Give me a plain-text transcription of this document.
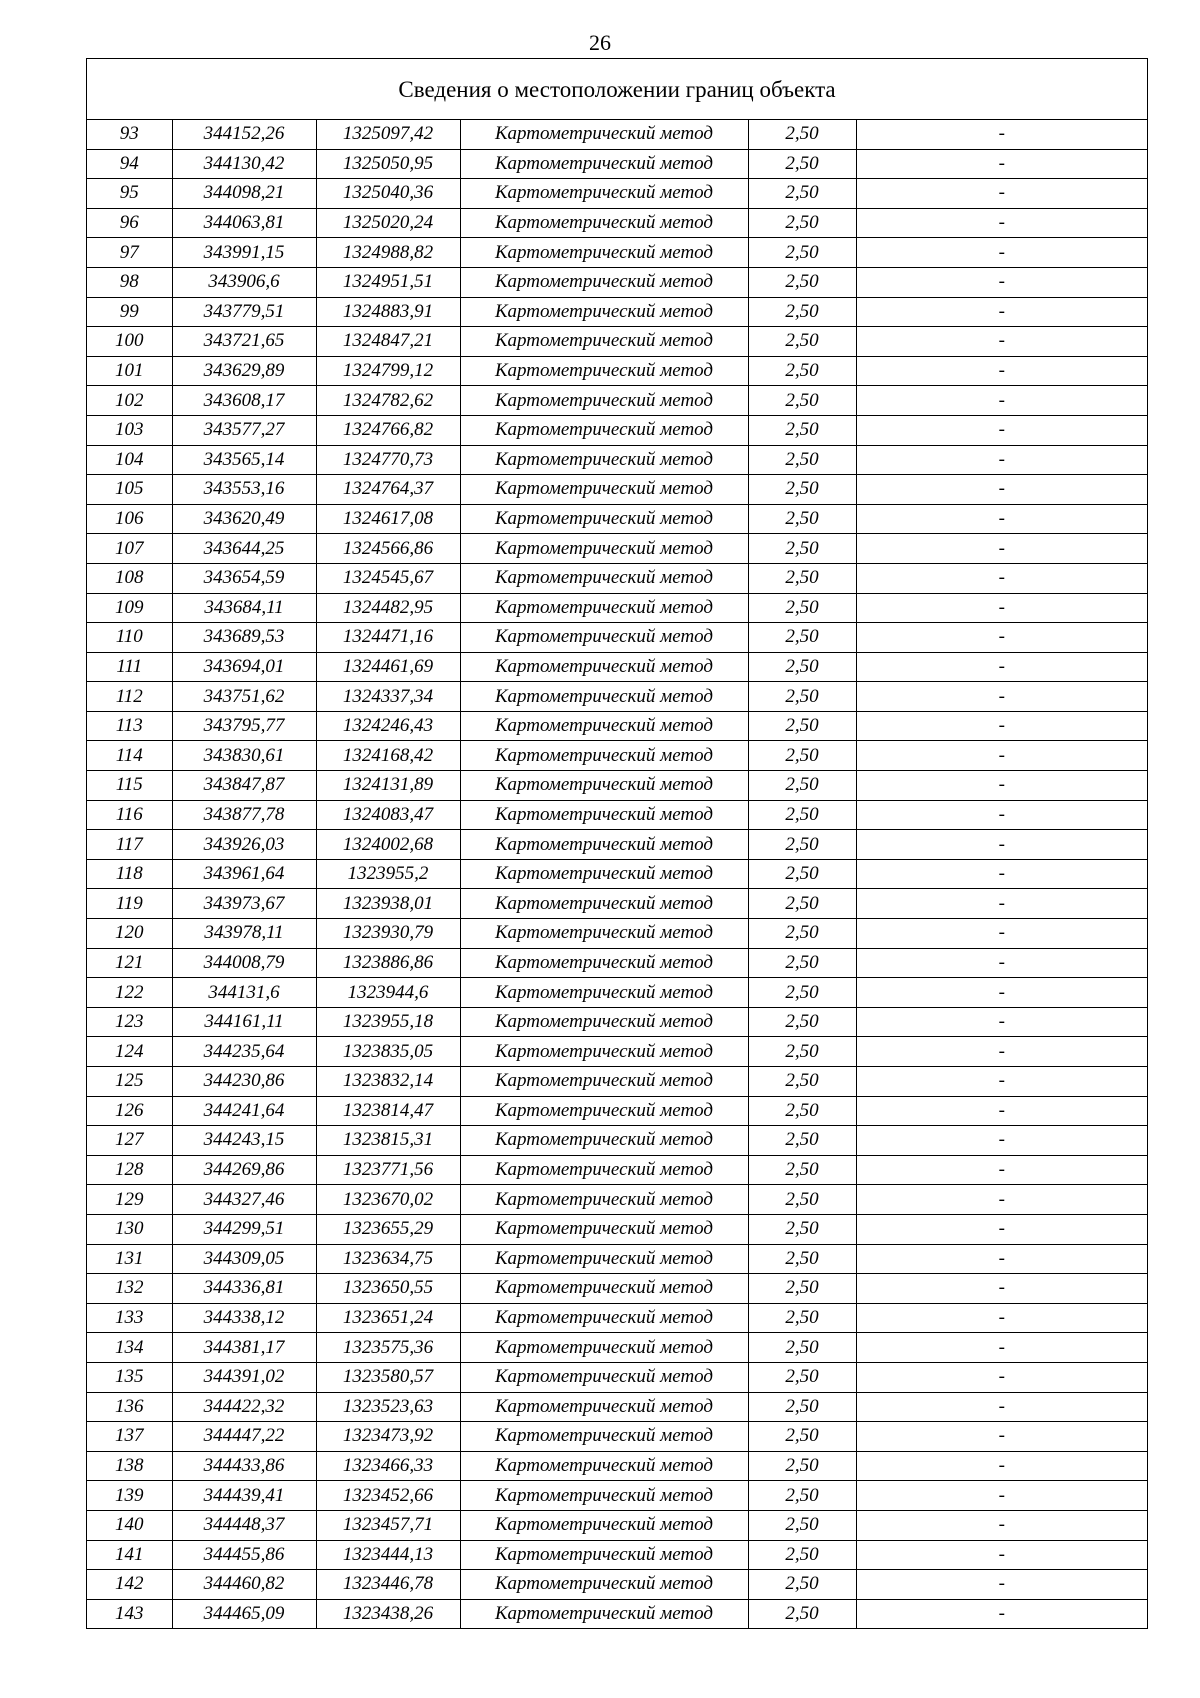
26
Сведения о местоположении границ объекта
93	344152,26	1325097,42	Картометрический метод	2,50	-
94	344130,42	1325050,95	Картометрический метод	2,50	-
95	344098,21	1325040,36	Картометрический метод	2,50	-
96	344063,81	1325020,24	Картометрический метод	2,50	-
97	343991,15	1324988,82	Картометрический метод	2,50	-
98	343906,6	1324951,51	Картометрический метод	2,50	-
99	343779,51	1324883,91	Картометрический метод	2,50	-
100	343721,65	1324847,21	Картометрический метод	2,50	-
101	343629,89	1324799,12	Картометрический метод	2,50	-
102	343608,17	1324782,62	Картометрический метод	2,50	-
103	343577,27	1324766,82	Картометрический метод	2,50	-
104	343565,14	1324770,73	Картометрический метод	2,50	-
105	343553,16	1324764,37	Картометрический метод	2,50	-
106	343620,49	1324617,08	Картометрический метод	2,50	-
107	343644,25	1324566,86	Картометрический метод	2,50	-
108	343654,59	1324545,67	Картометрический метод	2,50	-
109	343684,11	1324482,95	Картометрический метод	2,50	-
110	343689,53	1324471,16	Картометрический метод	2,50	-
111	343694,01	1324461,69	Картометрический метод	2,50	-
112	343751,62	1324337,34	Картометрический метод	2,50	-
113	343795,77	1324246,43	Картометрический метод	2,50	-
114	343830,61	1324168,42	Картометрический метод	2,50	-
115	343847,87	1324131,89	Картометрический метод	2,50	-
116	343877,78	1324083,47	Картометрический метод	2,50	-
117	343926,03	1324002,68	Картометрический метод	2,50	-
118	343961,64	1323955,2	Картометрический метод	2,50	-
119	343973,67	1323938,01	Картометрический метод	2,50	-
120	343978,11	1323930,79	Картометрический метод	2,50	-
121	344008,79	1323886,86	Картометрический метод	2,50	-
122	344131,6	1323944,6	Картометрический метод	2,50	-
123	344161,11	1323955,18	Картометрический метод	2,50	-
124	344235,64	1323835,05	Картометрический метод	2,50	-
125	344230,86	1323832,14	Картометрический метод	2,50	-
126	344241,64	1323814,47	Картометрический метод	2,50	-
127	344243,15	1323815,31	Картометрический метод	2,50	-
128	344269,86	1323771,56	Картометрический метод	2,50	-
129	344327,46	1323670,02	Картометрический метод	2,50	-
130	344299,51	1323655,29	Картометрический метод	2,50	-
131	344309,05	1323634,75	Картометрический метод	2,50	-
132	344336,81	1323650,55	Картометрический метод	2,50	-
133	344338,12	1323651,24	Картометрический метод	2,50	-
134	344381,17	1323575,36	Картометрический метод	2,50	-
135	344391,02	1323580,57	Картометрический метод	2,50	-
136	344422,32	1323523,63	Картометрический метод	2,50	-
137	344447,22	1323473,92	Картометрический метод	2,50	-
138	344433,86	1323466,33	Картометрический метод	2,50	-
139	344439,41	1323452,66	Картометрический метод	2,50	-
140	344448,37	1323457,71	Картометрический метод	2,50	-
141	344455,86	1323444,13	Картометрический метод	2,50	-
142	344460,82	1323446,78	Картометрический метод	2,50	-
143	344465,09	1323438,26	Картометрический метод	2,50	-
